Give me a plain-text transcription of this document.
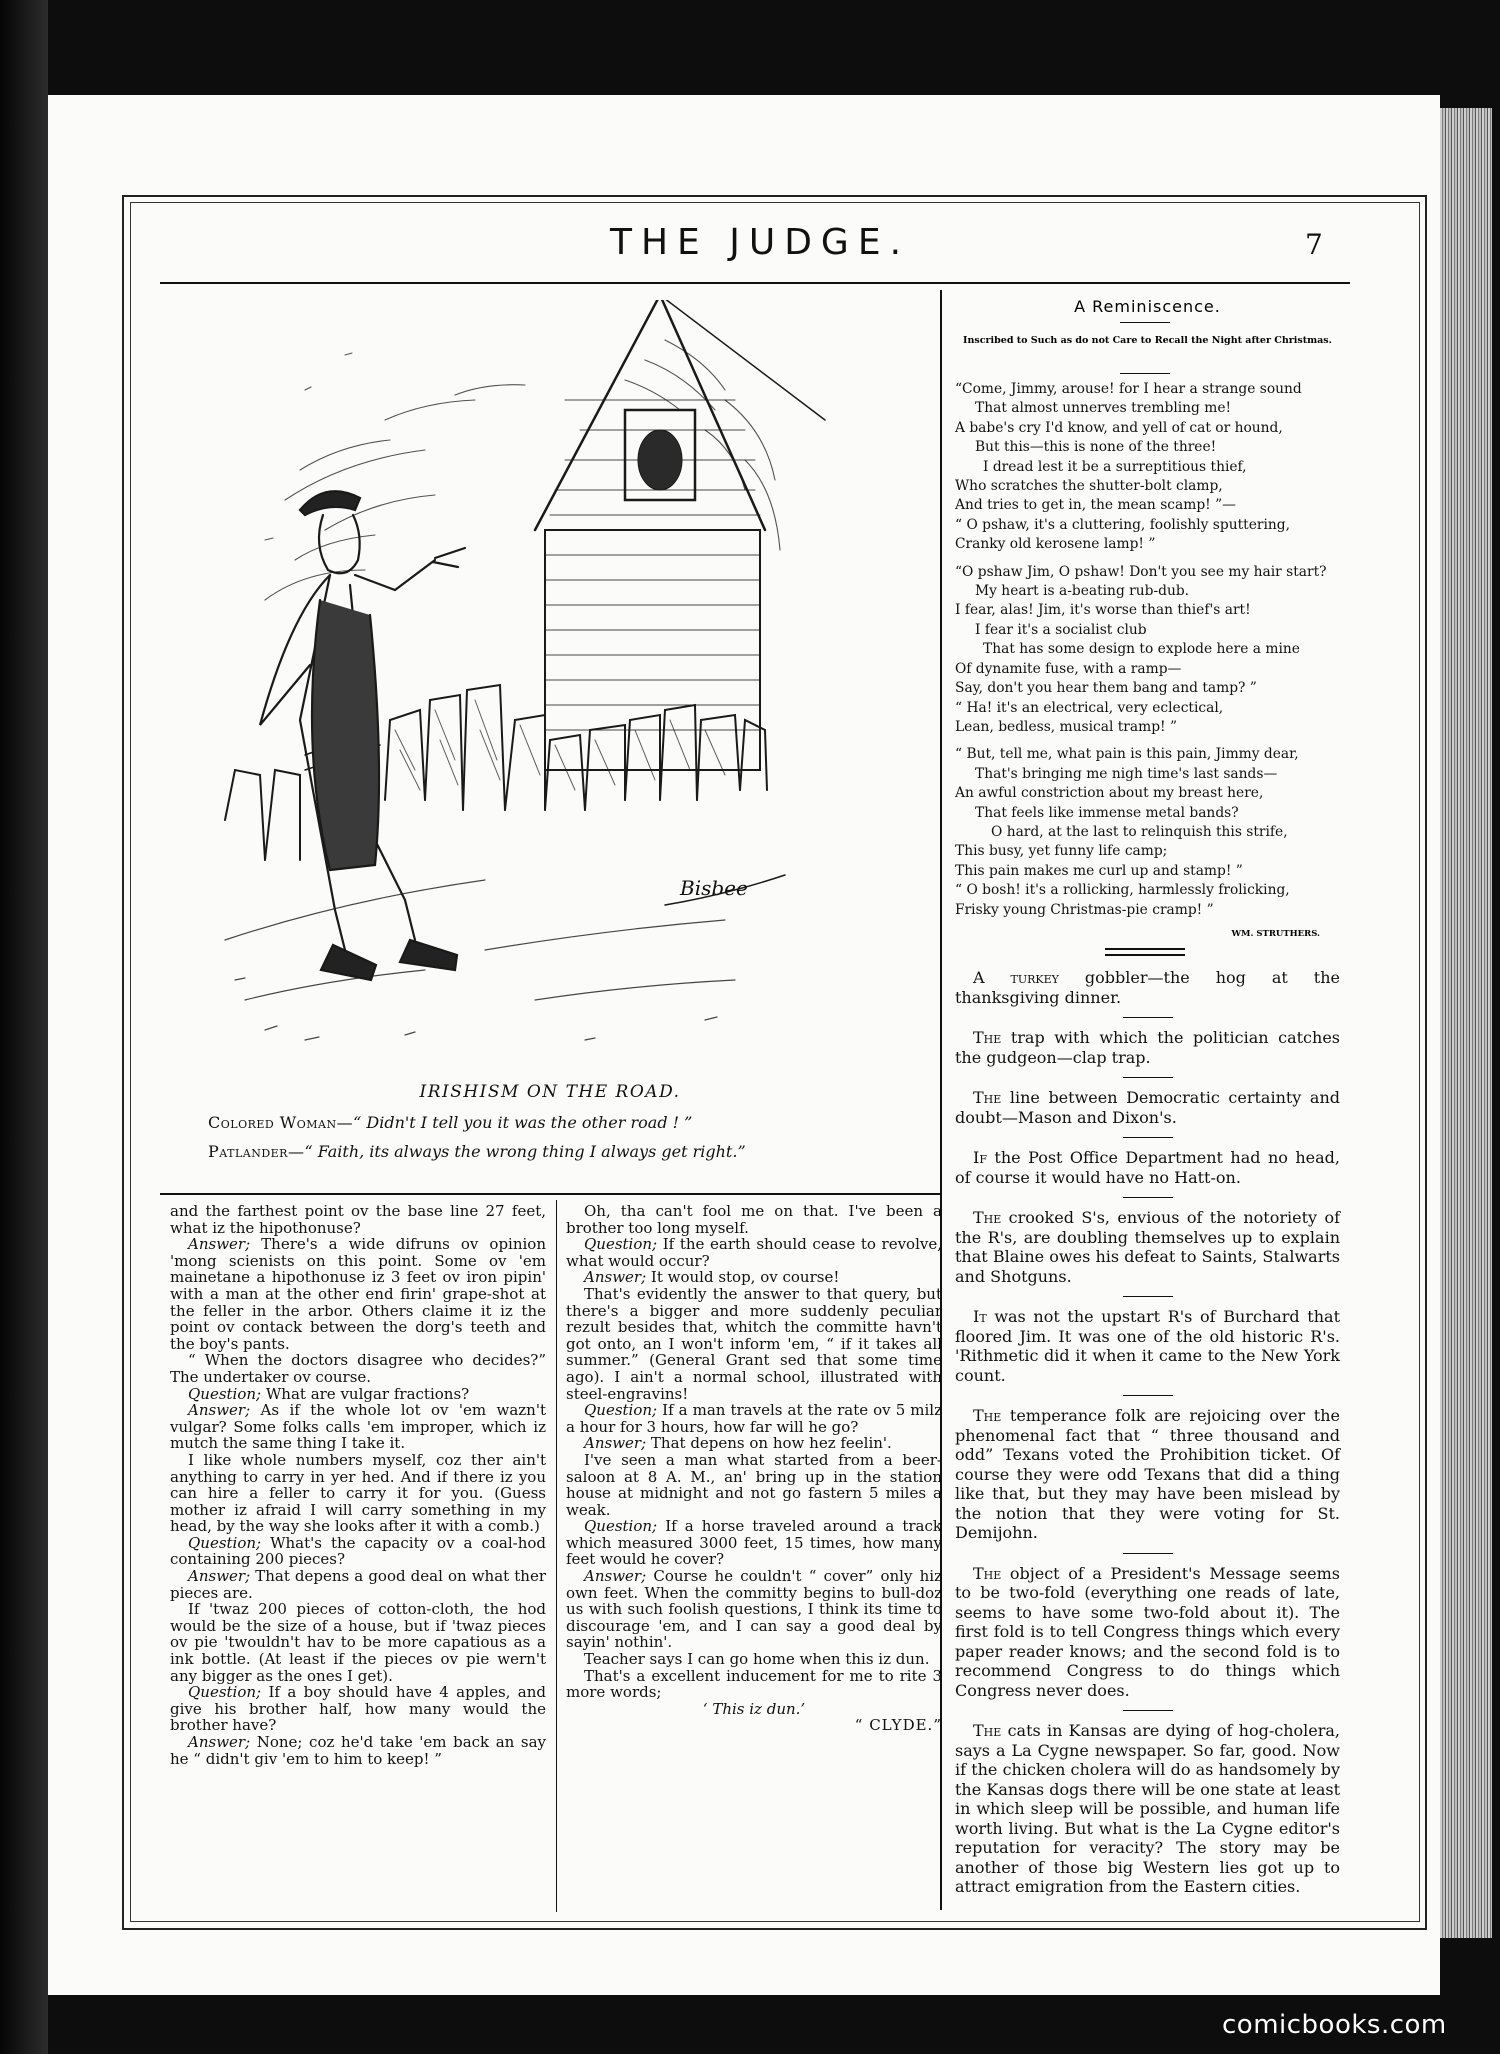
THE JUDGE.	7
Bisbee
IRISHISM ON THE ROAD.
Colored Woman—“ Didn't I tell you it was the other road ! ”
Patlander—“ Faith, its always the wrong thing I always get right.”

and the farthest point ov the base line 27 feet, what iz the hipothonuse?

Answer; There's a wide difruns ov opinion 'mong scienists on this point. Some ov 'em mainetane a hipothonuse iz 3 feet ov iron pipin' with a man at the other end firin' grape-shot at the feller in the arbor. Others claime it iz the point ov contack between the dorg's teeth and the boy's pants.

“ When the doctors disagree who decides?” The undertaker ov course.

Question; What are vulgar fractions?

Answer; As if the whole lot ov 'em wazn't vulgar? Some folks calls 'em improper, which iz mutch the same thing I take it.

I like whole numbers myself, coz ther ain't anything to carry in yer hed. And if there iz you can hire a feller to carry it for you. (Guess mother iz afraid I will carry something in my head, by the way she looks after it with a comb.)

Question; What's the capacity ov a coal-hod containing 200 pieces?

Answer; That depens a good deal on what ther pieces are.

If 'twaz 200 pieces of cotton-cloth, the hod would be the size of a house, but if 'twaz pieces ov pie 'twouldn't hav to be more capatious as a ink bottle. (At least if the pieces ov pie wern't any bigger as the ones I get).

Question; If a boy should have 4 apples, and give his brother half, how many would the brother have?

Answer; None; coz he'd take 'em back an say he “ didn't giv 'em to him to keep! ”

Oh, tha can't fool me on that. I've been a brother too long myself.

Question; If the earth should cease to revolve, what would occur?

Answer; It would stop, ov course!

That's evidently the answer to that query, but there's a bigger and more suddenly peculiar rezult besides that, whitch the committe havn't got onto, an I won't inform 'em, “ if it takes all summer.” (General Grant sed that some time ago). I ain't a normal school, illustrated with steel-engravins!

Question; If a man travels at the rate ov 5 milz a hour for 3 hours, how far will he go?

Answer; That depens on how hez feelin'.

I've seen a man what started from a beer-saloon at 8 A. M., an' bring up in the station house at midnight and not go fastern 5 miles a weak.

Question; If a horse traveled around a track which measured 3000 feet, 15 times, how many feet would he cover?

Answer; Course he couldn't “ cover” only hiz own feet. When the committy begins to bull-doz us with such foolish questions, I think its time to discourage 'em, and I can say a good deal by sayin' nothin'.

Teacher says I can go home when this iz dun.

That's a excellent inducement for me to rite 3 more words;

‘ This iz dun.’

“ CLYDE.”

A Reminiscence.
Inscribed to Such as do not Care to Recall the Night after Christmas.
“Come, Jimmy, arouse! for I hear a strange sound
That almost unnerves trembling me!
A babe's cry I'd know, and yell of cat or hound,
But this—this is none of the three!
I dread lest it be a surreptitious thief,
Who scratches the shutter-bolt clamp,
And tries to get in, the mean scamp! ”—
“ O pshaw, it's a cluttering, foolishly sputtering,
Cranky old kerosene lamp! ”
“O pshaw Jim, O pshaw! Don't you see my hair start?
My heart is a-beating rub-dub.
I fear, alas! Jim, it's worse than thief's art!
I fear it's a socialist club
That has some design to explode here a mine
Of dynamite fuse, with a ramp—
Say, don't you hear them bang and tamp? ”
“ Ha! it's an electrical, very eclectical,
Lean, bedless, musical tramp! ”
“ But, tell me, what pain is this pain, Jimmy dear,
That's bringing me nigh time's last sands—
An awful constriction about my breast here,
That feels like immense metal bands?
O hard, at the last to relinquish this strife,
This busy, yet funny life camp;
This pain makes me curl up and stamp! ”
“ O bosh! it's a rollicking, harmlessly frolicking,
Frisky young Christmas-pie cramp! ”
WM. STRUTHERS.

A turkey gobbler—the hog at the thanksgiving dinner.

The trap with which the politician catches the gudgeon—clap trap.

The line between Democratic certainty and doubt—Mason and Dixon's.

If the Post Office Department had no head, of course it would have no Hatt-on.

The crooked S's, envious of the notoriety of the R's, are doubling themselves up to explain that Blaine owes his defeat to Saints, Stalwarts and Shotguns.

It was not the upstart R's of Burchard that floored Jim. It was one of the old historic R's. 'Rithmetic did it when it came to the New York count.

The temperance folk are rejoicing over the phenomenal fact that “ three thousand and odd” Texans voted the Prohibition ticket. Of course they were odd Texans that did a thing like that, but they may have been mislead by the notion that they were voting for St. Demijohn.

The object of a President's Message seems to be two-fold (everything one reads of late, seems to have some two-fold about it). The first fold is to tell Congress things which every paper reader knows; and the second fold is to recommend Congress to do things which Congress never does.

The cats in Kansas are dying of hog-cholera, says a La Cygne newspaper. So far, good. Now if the chicken cholera will do as handsomely by the Kansas dogs there will be one state at least in which sleep will be possible, and human life worth living. But what is the La Cygne editor's reputation for veracity? The story may be another of those big Western lies got up to attract emigration from the Eastern cities.

comicbooks.com
